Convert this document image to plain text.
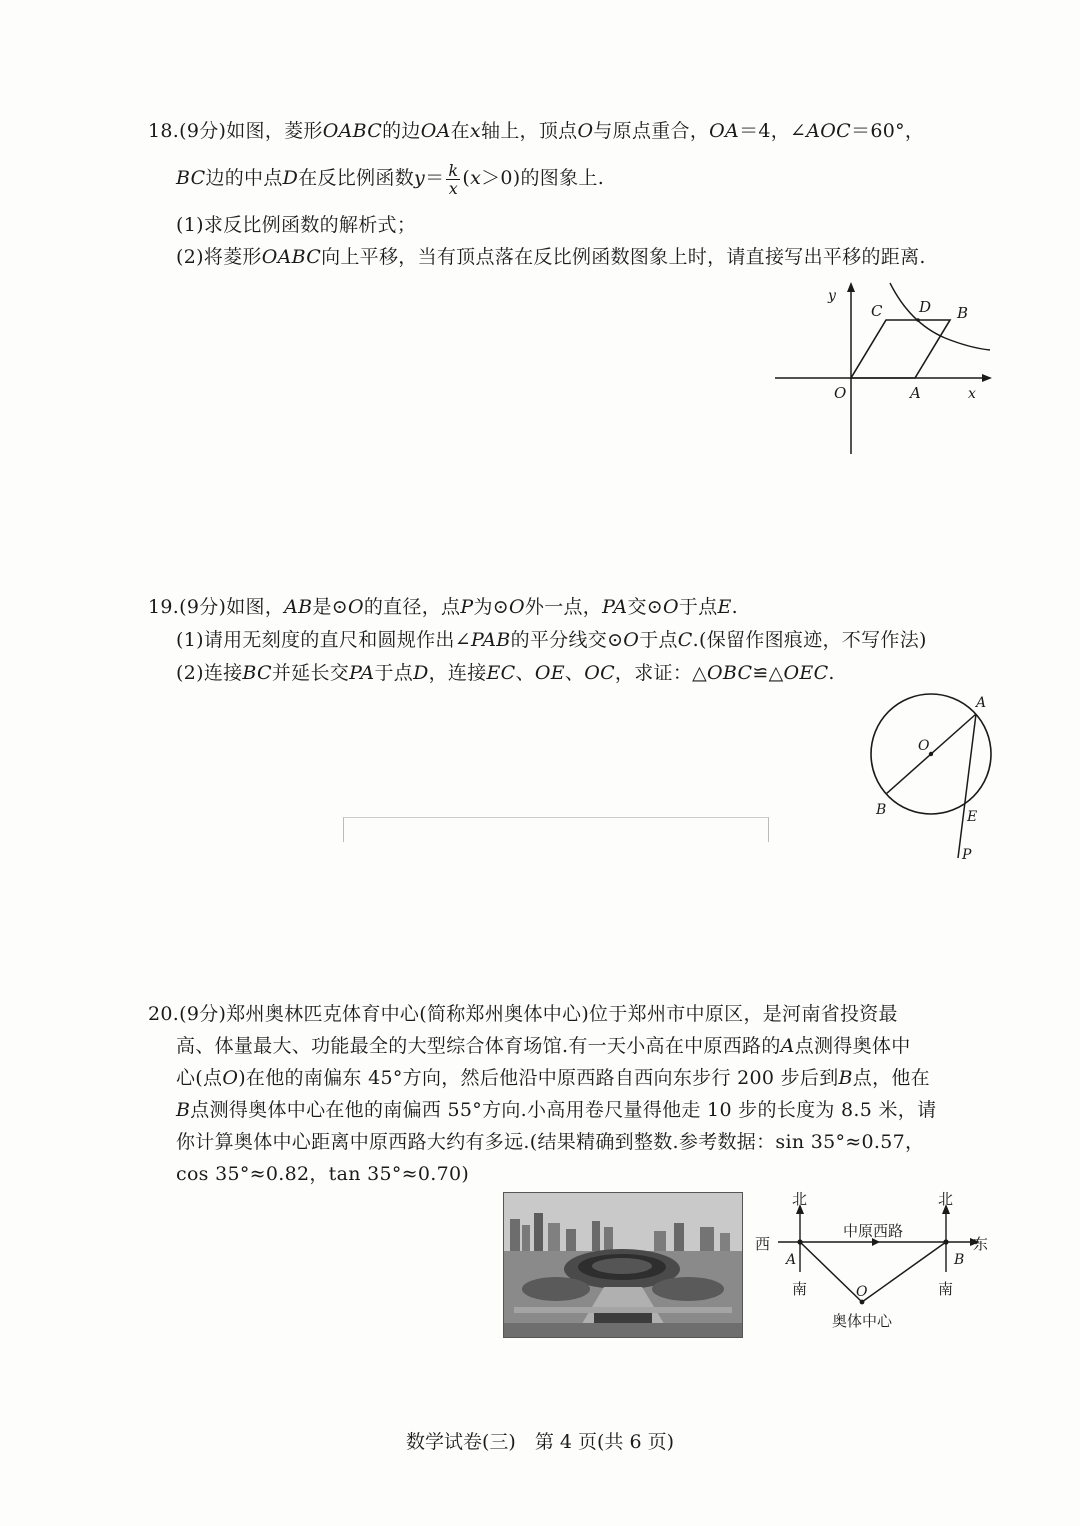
18.(9分)如图，菱形OABC的边OA在x轴上，顶点O与原点重合，OA＝4，∠AOC＝60°，
BC边的中点D在反比例函数$y= \frac{k}{x} (x>0)$的图象上.
(1)求反比例函数的解析式；
(2)将菱形OABC向上平移，当有顶点落在反比例函数图象上时，请直接写出平移的距离.
y
x
O	A
B
C D
19.(9分)如图，AB是⊙O的直径，点P为⊙O外一点，PA交⊙O于点E.
(1)请用无刻度的直尺和圆规作出∠PAB的平分线交⊙O于点C.(保留作图痕迹，不写作法)
(2)连接BC并延长交PA于点D，连接EC、OE、OC，求证：△OBC≌△OEC.
A
O
B	E
P
20.(9分)郑州奥林匹克体育中心(简称郑州奥体中心)位于郑州市中原区，是河南省投资最
高、体量最大、功能最全的大型综合体育场馆.有一天小高在中原西路的A点测得奥体中
心(点O)在他的南偏东 45°方向，然后他沿中原西路自西向东步行 200 步后到B点，他在
B点测得奥体中心在他的南偏西 55°方向.小高用卷尺量得他走 10 步的长度为 8.5 米，请
你计算奥体中心距离中原西路大约有多远.(结果精确到整数.参考数据：sin 35°≈0.57，
cos 35°≈0.82，tan 35°≈0.70)
北	北
中原西路
西	东
A	B
南	南
O
奥体中心
数学试卷(三)　第 4 页(共 6 页)
